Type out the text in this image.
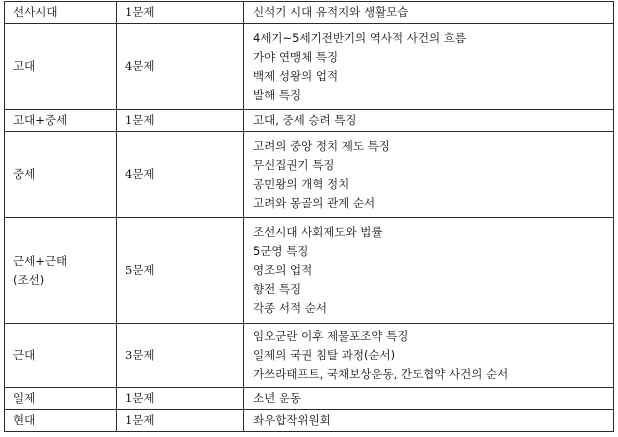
선사시대	1문제	신석기 시대 유적지와 생활모습

고대	4문제	4세기~5세기전반기의 역사적 사건의 흐름
가야 연맹체 특징
백제 성왕의 업적
발해 특징

고대+중세	1문제	고대, 중세 승려 특징

중세	4문제	고려의 중앙 정치 제도 특징
무신집권기 특징
공민왕의 개혁 정치
고려와 몽골의 관계 순서

근세+근태
(조선)	5문제	조선시대 사회제도와 법률
5군영 특징
영조의 업적
향전 특징
각종 서적 순서

근대	3문제	임오군란 이후 제물포조약 특징
일제의 국권 침탈 과정(순서)
가쓰라태프트, 국채보상운동, 간도협약 사건의 순서

일제	1문제	소년 운동

현대	1문제	좌우합작위원회
